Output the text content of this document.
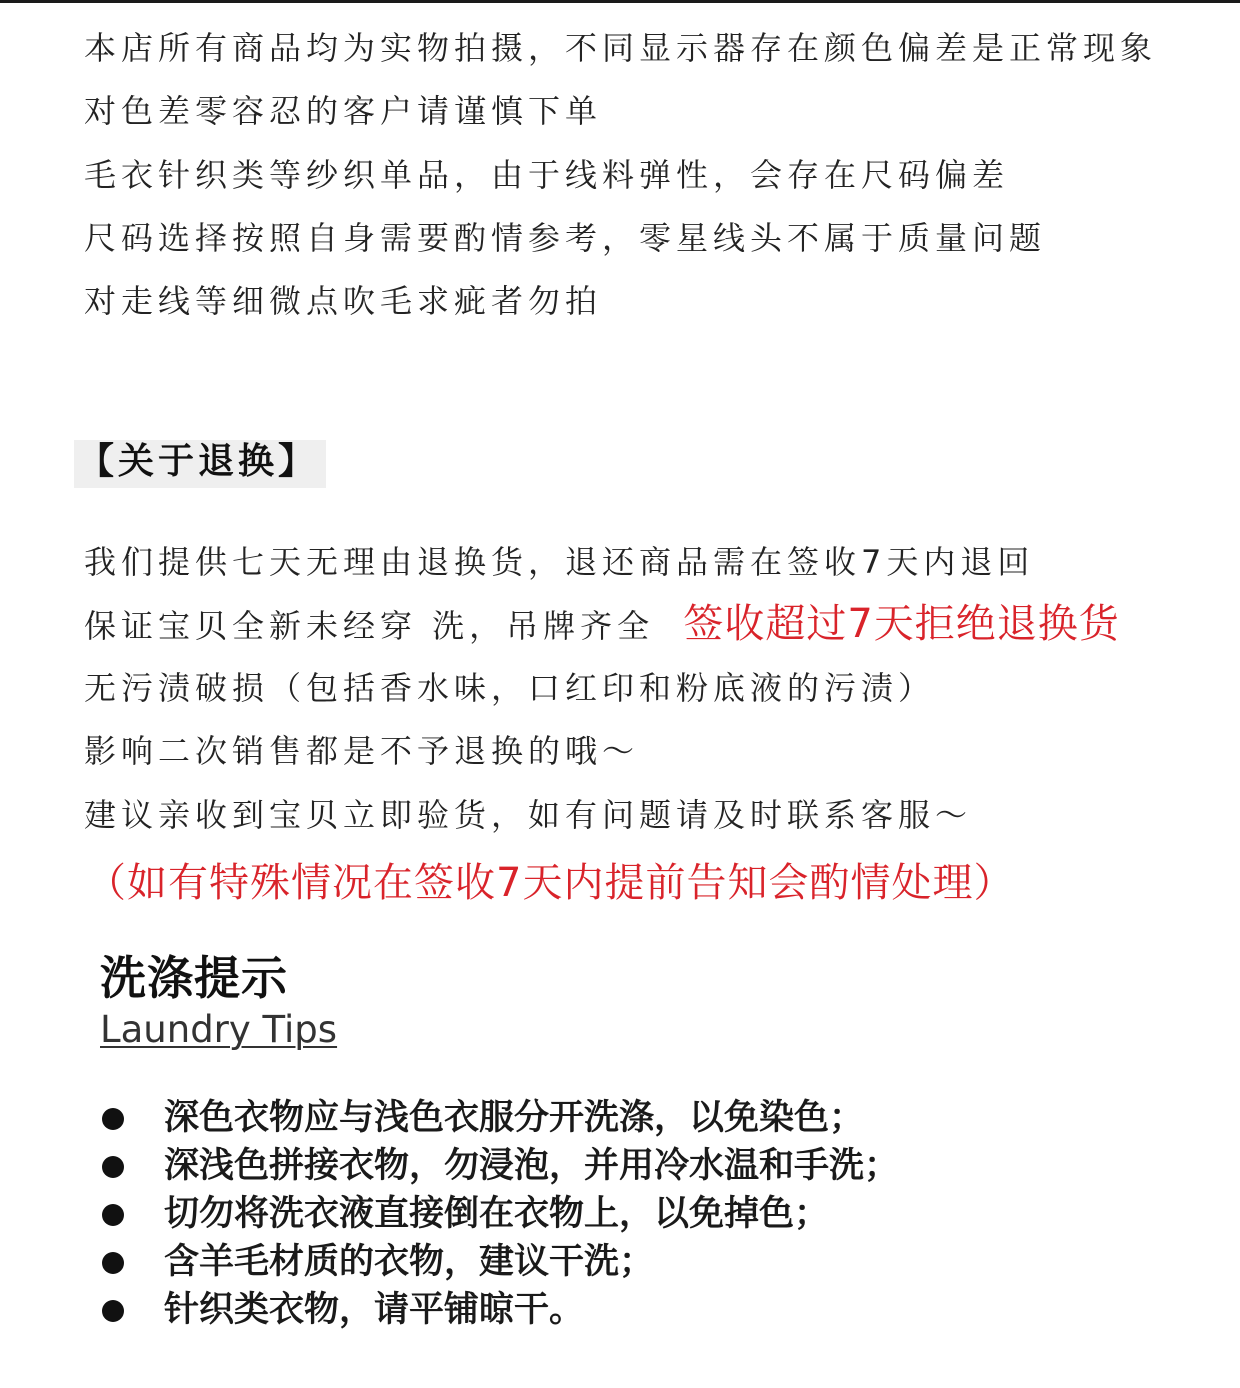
本店所有商品均为实物拍摄，不同显示器存在颜色偏差是正常现象
对色差零容忍的客户请谨慎下单
毛衣针织类等纱织单品，由于线料弹性，会存在尺码偏差
尺码选择按照自身需要酌情参考，零星线头不属于质量问题
对走线等细微点吹毛求疵者勿拍
【关于退换】
我们提供七天无理由退换货，退还商品需在签收7天内退回
保证宝贝全新未经穿 洗，吊牌齐全 签收超过7天拒绝退换货
无污渍破损（包括香水味，口红印和粉底液的污渍）
影响二次销售都是不予退换的哦～
建议亲收到宝贝立即验货，如有问题请及时联系客服～
（如有特殊情况在签收7天内提前告知会酌情处理）
洗涤提示
Laundry Tips
深色衣物应与浅色衣服分开洗涤，以免染色；
深浅色拼接衣物，勿浸泡，并用冷水温和手洗；
切勿将洗衣液直接倒在衣物上，以免掉色；
含羊毛材质的衣物，建议干洗；
针织类衣物，请平铺晾干。
